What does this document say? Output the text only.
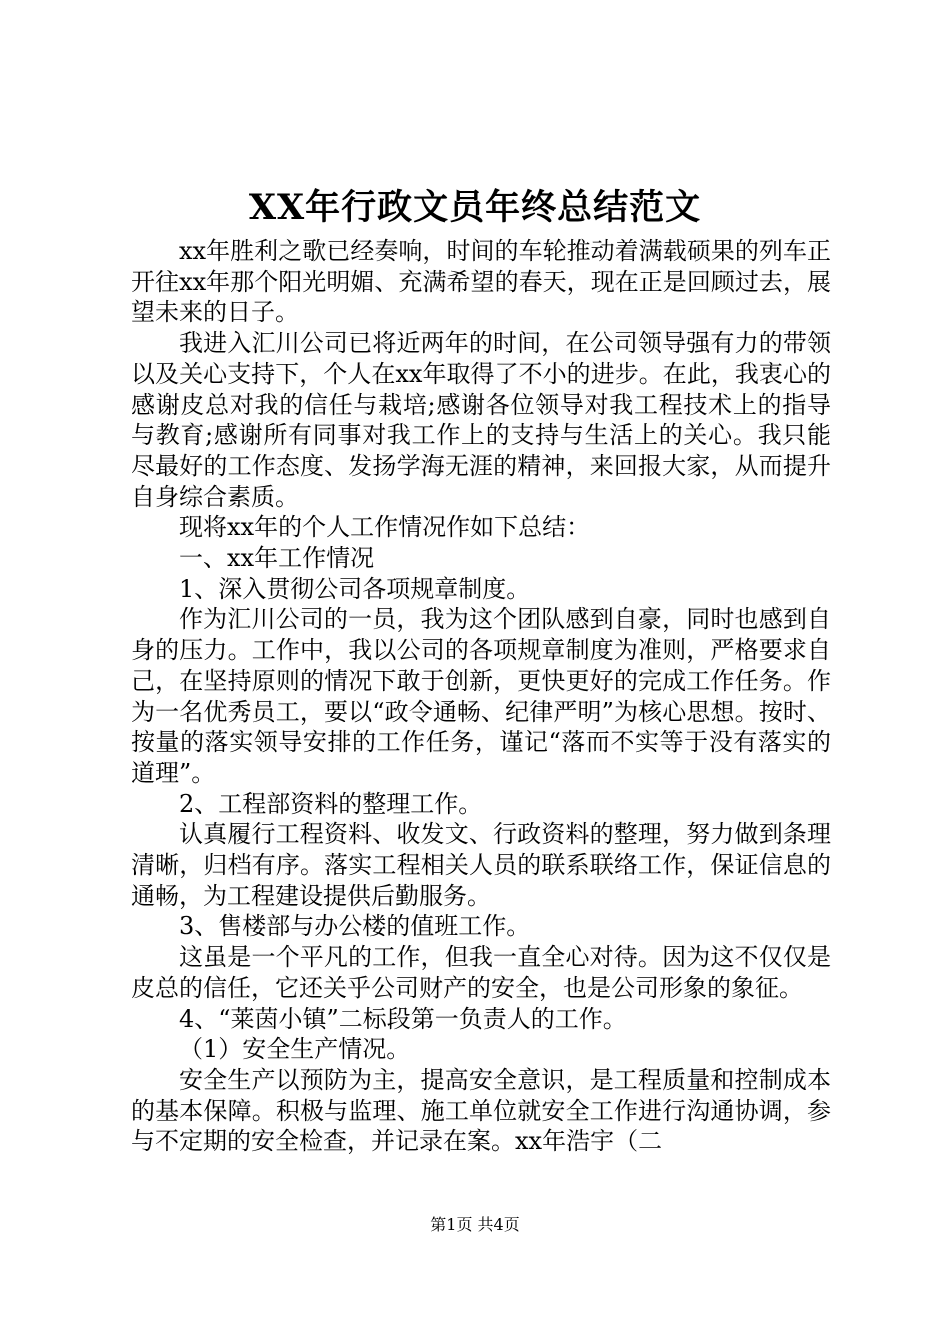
XX年行政文员年终总结范文

xx年胜利之歌已经奏响，时间的车轮推动着满载硕果的列车正开往xx年那个阳光明媚、充满希望的春天，现在正是回顾过去，展望未来的日子。

我进入汇川公司已将近两年的时间，在公司领导强有力的带领以及关心支持下，个人在xx年取得了不小的进步。在此，我衷心的感谢皮总对我的信任与栽培;感谢各位领导对我工程技术上的指导与教育;感谢所有同事对我工作上的支持与生活上的关心。我只能尽最好的工作态度、发扬学海无涯的精神，来回报大家，从而提升自身综合素质。

现将xx年的个人工作情况作如下总结：

一、xx年工作情况

1、深入贯彻公司各项规章制度。

作为汇川公司的一员，我为这个团队感到自豪，同时也感到自身的压力。工作中，我以公司的各项规章制度为准则，严格要求自己，在坚持原则的情况下敢于创新，更快更好的完成工作任务。作为一名优秀员工，要以“政令通畅、纪律严明”为核心思想。按时、按量的落实领导安排的工作任务，谨记“落而不实等于没有落实的道理”。

2、工程部资料的整理工作。

认真履行工程资料、收发文、行政资料的整理，努力做到条理清晰，归档有序。落实工程相关人员的联系联络工作，保证信息的通畅，为工程建设提供后勤服务。

3、售楼部与办公楼的值班工作。

这虽是一个平凡的工作，但我一直全心对待。因为这不仅仅是皮总的信任，它还关乎公司财产的安全，也是公司形象的象征。

4、“莱茵小镇”二标段第一负责人的工作。

（1）安全生产情况。

安全生产以预防为主，提高安全意识，是工程质量和控制成本的基本保障。积极与监理、施工单位就安全工作进行沟通协调，参与不定期的安全检查，并记录在案。xx年浩宇（二

第1页 共4页
